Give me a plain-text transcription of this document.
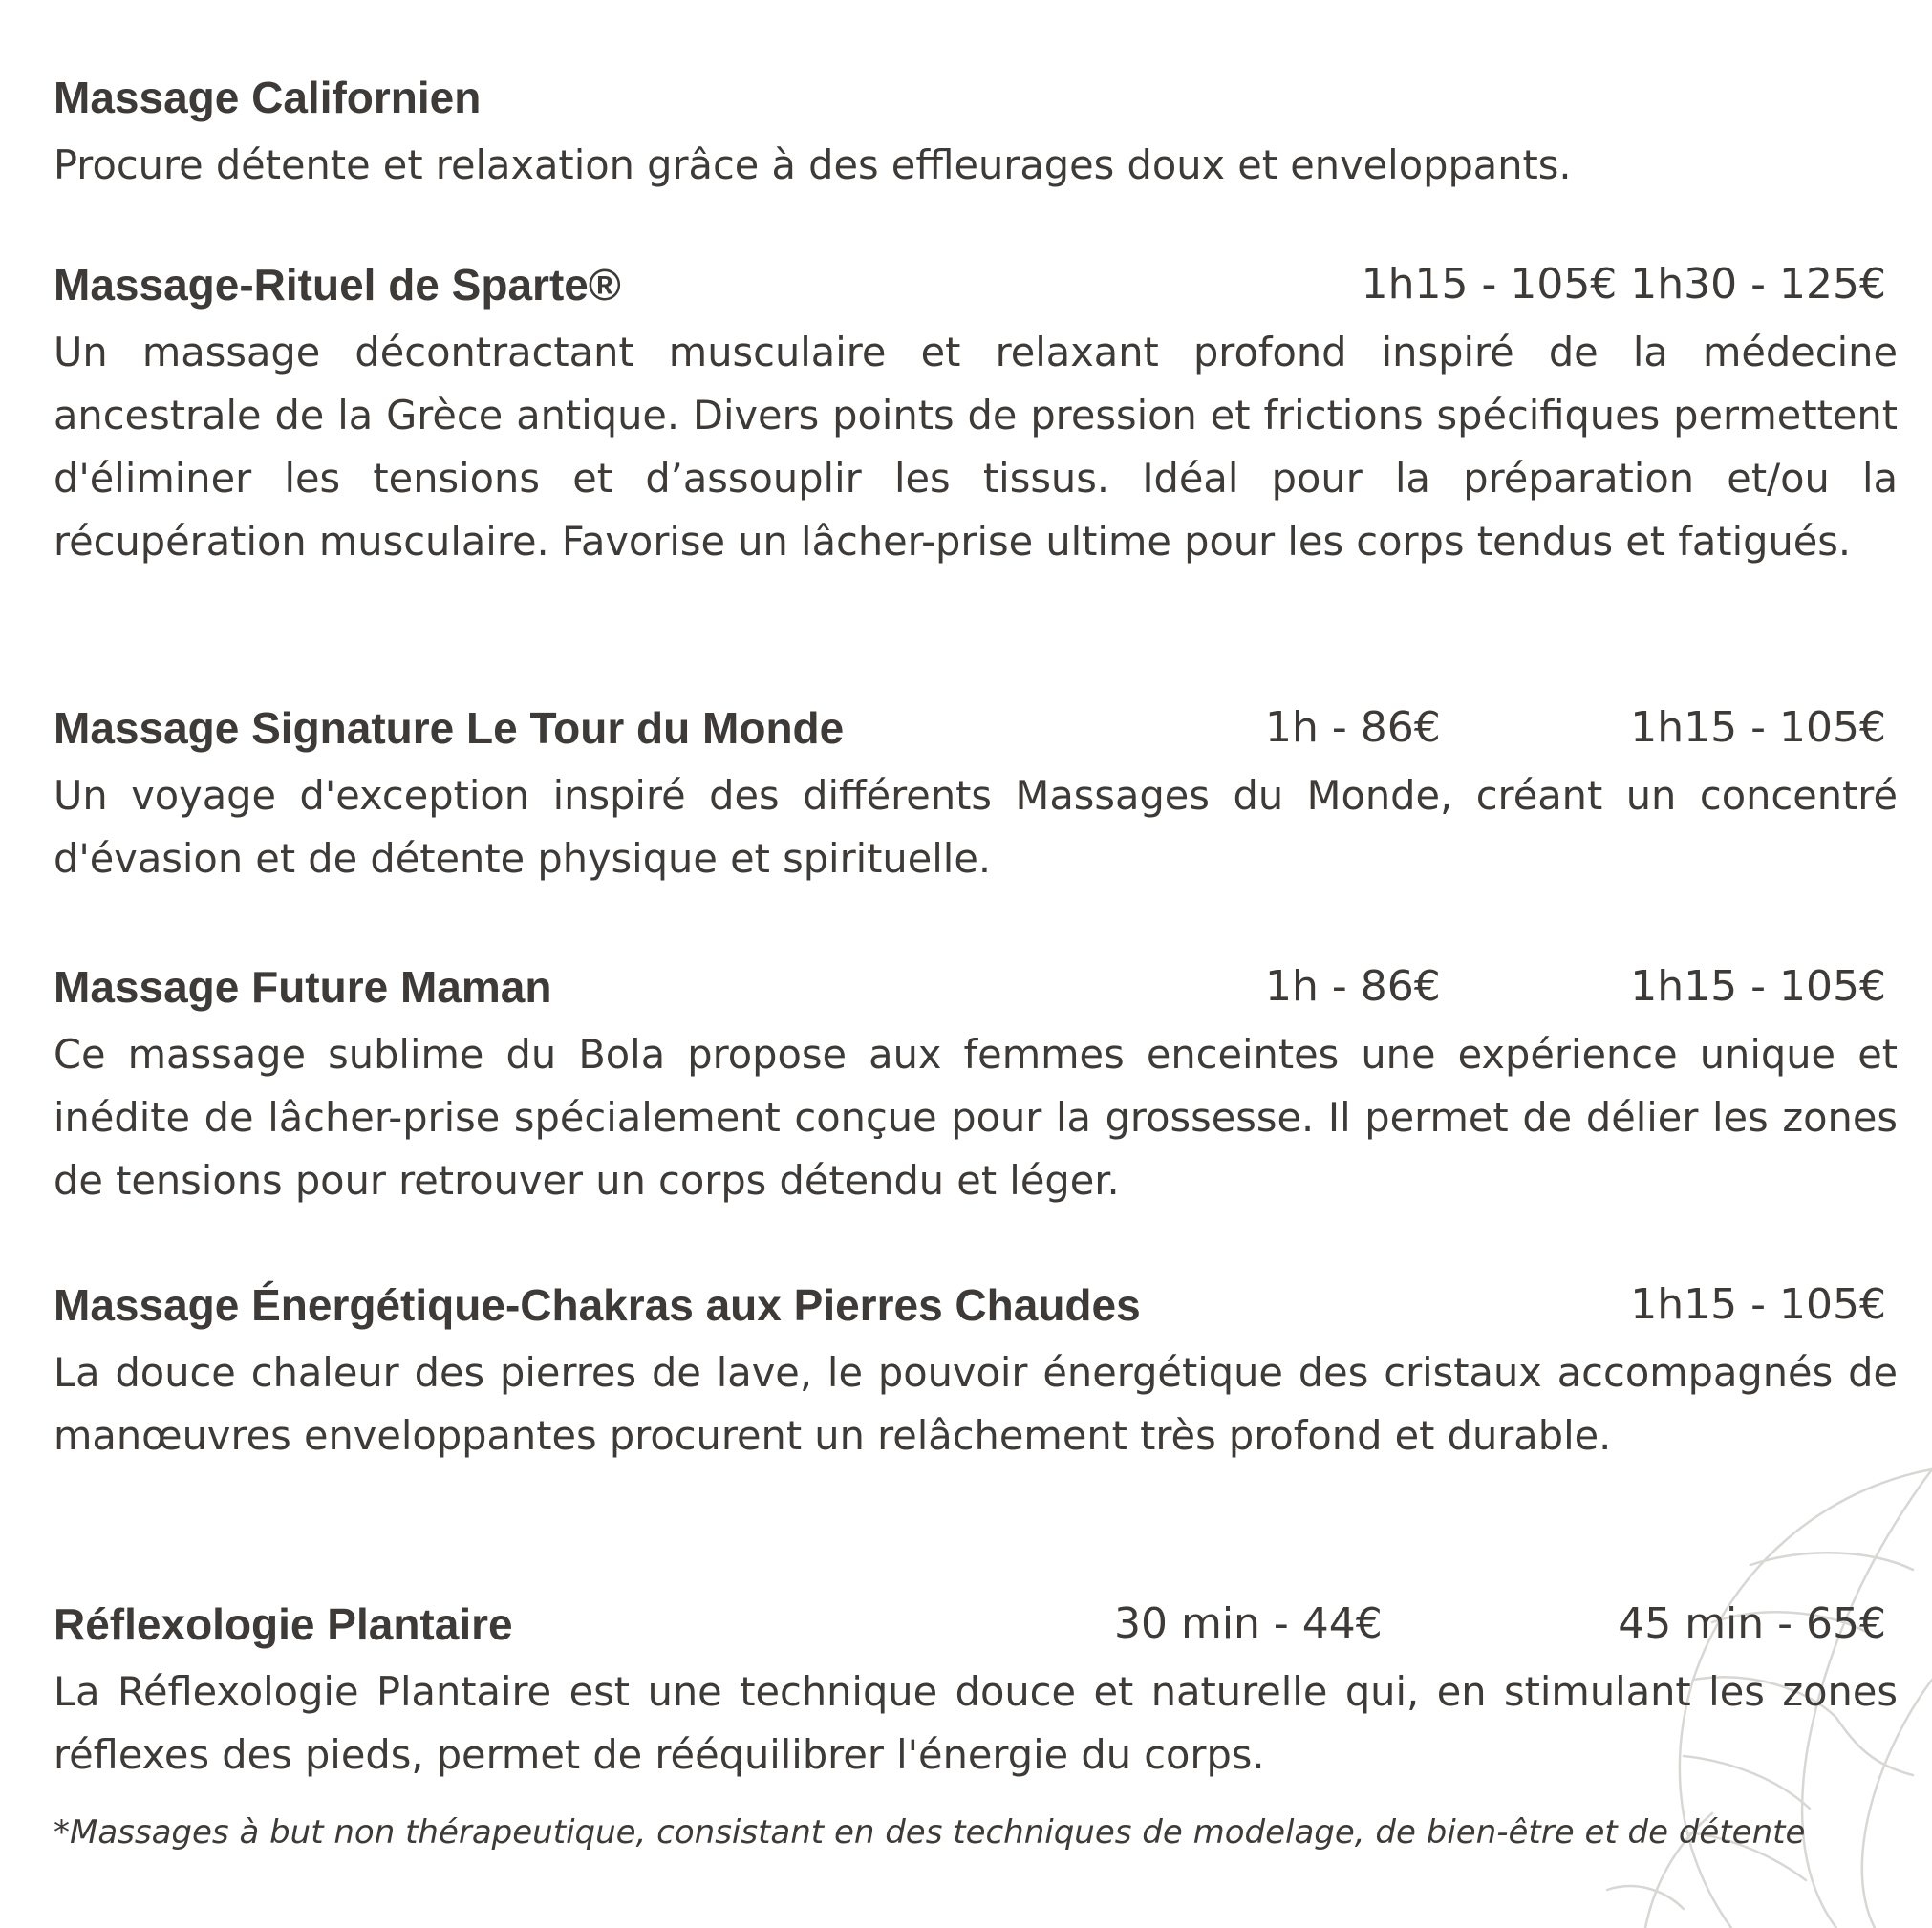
Massage Californien

Procure détente et relaxation grâce à des effleurages doux et enveloppants.

Massage-Rituel de Sparte®	1h15 - 105€ 1h30 - 125€

Un massage décontractant musculaire et relaxant profond inspiré de la médecine ancestrale de la Grèce antique. Divers points de pression et frictions spécifiques permettent d'éliminer les tensions et d’assouplir les tissus. Idéal pour la préparation et/ou la récupération musculaire. Favorise un lâcher-prise ultime pour les corps tendus et fatigués.

Massage Signature Le Tour du Monde	1h - 86€	1h15 - 105€

Un voyage d'exception inspiré des différents Massages du Monde, créant un concentré d'évasion et de détente physique et spirituelle.

Massage Future Maman	1h - 86€	1h15 - 105€

Ce massage sublime du Bola propose aux femmes enceintes une expérience unique et inédite de lâcher-prise spécialement conçue pour la grossesse. Il permet de délier les zones de tensions pour retrouver un corps détendu et léger.

Massage Énergétique-Chakras aux Pierres Chaudes	1h15 - 105€

La douce chaleur des pierres de lave, le pouvoir énergétique des cristaux accompagnés de manœuvres enveloppantes procurent un relâchement très profond et durable.

Réflexologie Plantaire	30 min - 44€	45 min - 65€

La Réflexologie Plantaire est une technique douce et naturelle qui, en stimulant les zones réflexes des pieds, permet de rééquilibrer l'énergie du corps.

*Massages à but non thérapeutique, consistant en des techniques de modelage, de bien-être et de détente
